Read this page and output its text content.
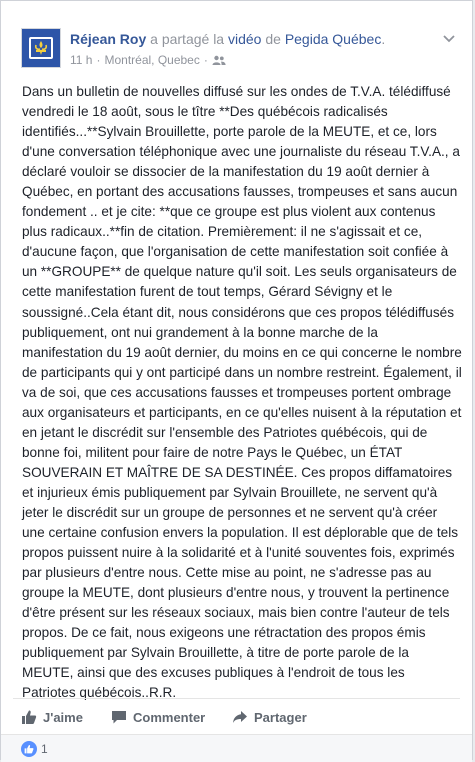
Réjean Roy a partagé la vidéo de Pegida Québec.
11 h · Montréal, Quebec ·
Dans un bulletin de nouvelles diffusé sur les ondes de T.V.A. télédiffusé vendredi le 18 août, sous le tître **Des québécois radicalisés identifiés...**Sylvain Brouillette, porte parole de la MEUTE, et ce, lors d'une conversation téléphonique avec une journaliste du réseau T.V.A., a déclaré vouloir se dissocier de la manifestation du 19 août dernier à Québec, en portant des accusations fausses, trompeuses et sans aucun fondement .. et je cite: **que ce groupe est plus violent aux contenus plus radicaux..**fin de citation. Premièrement: il ne s'agissait et ce, d'aucune façon, que l'organisation de cette manifestation soit confiée à un **GROUPE** de quelque nature qu'il soit. Les seuls organisateurs de cette manifestation furent de tout temps, Gérard Sévigny et le soussigné..Cela étant dit, nous considérons que ces propos télédiffusés publiquement, ont nui grandement à la bonne marche de la manifestation du 19 août dernier, du moins en ce qui concerne le nombre de participants qui y ont participé dans un nombre restreint. Également, il va de soi, que ces accusations fausses et trompeuses portent ombrage aux organisateurs et participants, en ce qu'elles nuisent à la réputation et en jetant le discrédit sur l'ensemble des Patriotes québécois, qui de bonne foi, militent pour faire de notre Pays le Québec, un ÉTAT SOUVERAIN ET MAÎTRE DE SA DESTINÉE. Ces propos diffamatoires et injurieux émis publiquement par Sylvain Brouillete, ne servent qu'à jeter le discrédit sur un groupe de personnes et ne servent qu'à créer une certaine confusion envers la population. Il est déplorable que de tels propos puissent nuire à la solidarité et à l'unité souventes fois, exprimés par plusieurs d'entre nous. Cette mise au point, ne s'adresse pas au groupe la MEUTE, dont plusieurs d'entre nous, y trouvent la pertinence d'être présent sur les réseaux sociaux, mais bien contre l'auteur de tels propos. De ce fait, nous exigeons une rétractation des propos émis publiquement par Sylvain Brouillette, à titre de porte parole de la MEUTE, ainsi que des excuses publiques à l'endroit de tous les Patriotes québécois..R.R.
J'aime	Commenter	Partager
1
